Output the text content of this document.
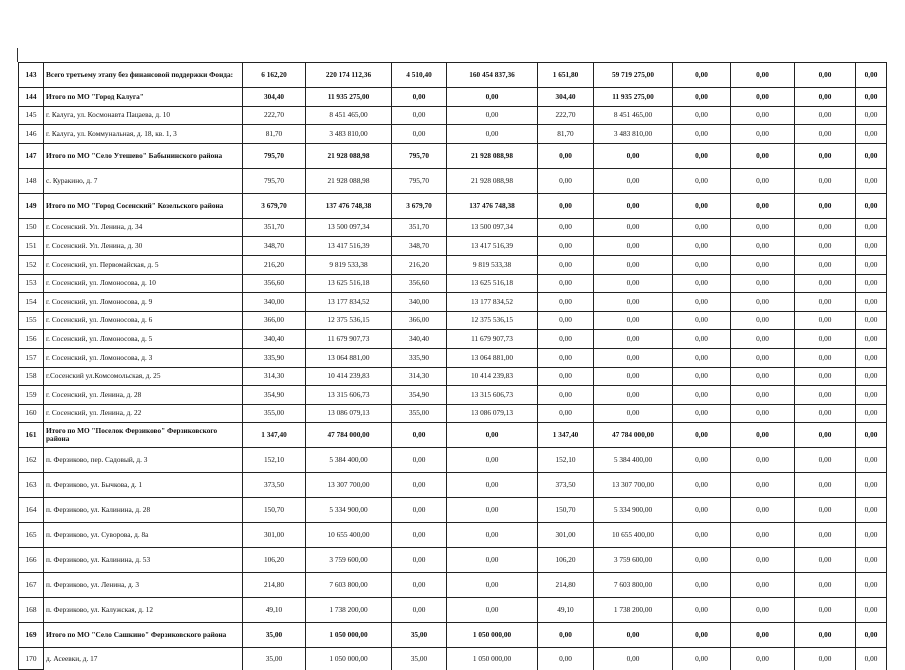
143	Всего третьему этапу без финансовой поддержки Фонда:	6 162,20	220 174 112,36	4 510,40	160 454 837,36	1 651,80	59 719 275,00	0,00	0,00	0,00	0,00
144	Итого по МО "Город Калуга"	304,40	11 935 275,00	0,00	0,00	304,40	11 935 275,00	0,00	0,00	0,00	0,00
145	г. Калуга, ул. Космонавта Пацаева, д. 10	222,70	8 451 465,00	0,00	0,00	222,70	8 451 465,00	0,00	0,00	0,00	0,00
146	г. Калуга, ул. Коммунальная, д. 18, кв. 1, 3	81,70	3 483 810,00	0,00	0,00	81,70	3 483 810,00	0,00	0,00	0,00	0,00
147	Итого по МО "Село Утешево" Бабынинского района	795,70	21 928 088,98	795,70	21 928 088,98	0,00	0,00	0,00	0,00	0,00	0,00
148	с. Куракино, д. 7	795,70	21 928 088,98	795,70	21 928 088,98	0,00	0,00	0,00	0,00	0,00	0,00
149	Итого по МО "Город Сосенский" Козельского района	3 679,70	137 476 748,38	3 679,70	137 476 748,38	0,00	0,00	0,00	0,00	0,00	0,00
150	г. Сосенский. Ул. Ленина, д. 34	351,70	13 500 097,34	351,70	13 500 097,34	0,00	0,00	0,00	0,00	0,00	0,00
151	г. Сосенский. Ул. Ленина, д. 30	348,70	13 417 516,39	348,70	13 417 516,39	0,00	0,00	0,00	0,00	0,00	0,00
152	г. Сосенский, ул. Первомайская, д. 5	216,20	9 819 533,38	216,20	9 819 533,38	0,00	0,00	0,00	0,00	0,00	0,00
153	г. Сосенский, ул. Ломоносова, д. 10	356,60	13 625 516,18	356,60	13 625 516,18	0,00	0,00	0,00	0,00	0,00	0,00
154	г. Сосенский, ул. Ломоносова, д. 9	340,00	13 177 834,52	340,00	13 177 834,52	0,00	0,00	0,00	0,00	0,00	0,00
155	г. Сосенский, ул. Ломоносова, д. 6	366,00	12 375 536,15	366,00	12 375 536,15	0,00	0,00	0,00	0,00	0,00	0,00
156	г. Сосенский, ул. Ломоносова, д. 5	340,40	11 679 907,73	340,40	11 679 907,73	0,00	0,00	0,00	0,00	0,00	0,00
157	г. Сосенский, ул. Ломоносова, д. 3	335,90	13 064 881,00	335,90	13 064 881,00	0,00	0,00	0,00	0,00	0,00	0,00
158	г.Сосенский ул.Комсомольская, д. 25	314,30	10 414 239,83	314,30	10 414 239,83	0,00	0,00	0,00	0,00	0,00	0,00
159	г. Сосенский, ул. Ленина, д. 28	354,90	13 315 606,73	354,90	13 315 606,73	0,00	0,00	0,00	0,00	0,00	0,00
160	г. Сосенский, ул. Ленина, д. 22	355,00	13 086 079,13	355,00	13 086 079,13	0,00	0,00	0,00	0,00	0,00	0,00
161	Итого по МО "Поселок Ферзиково" Ферзиковского района	1 347,40	47 784 000,00	0,00	0,00	1 347,40	47 784 000,00	0,00	0,00	0,00	0,00
162	п. Ферзиково, пер. Садовый, д. 3	152,10	5 384 400,00	0,00	0,00	152,10	5 384 400,00	0,00	0,00	0,00	0,00
163	п. Ферзиково, ул. Бычкова, д. 1	373,50	13 307 700,00	0,00	0,00	373,50	13 307 700,00	0,00	0,00	0,00	0,00
164	п. Ферзиково, ул. Калинина, д. 28	150,70	5 334 900,00	0,00	0,00	150,70	5 334 900,00	0,00	0,00	0,00	0,00
165	п. Ферзиково, ул. Суворова, д. 8а	301,00	10 655 400,00	0,00	0,00	301,00	10 655 400,00	0,00	0,00	0,00	0,00
166	п. Ферзиково, ул. Калинина, д. 53	106,20	3 759 600,00	0,00	0,00	106,20	3 759 600,00	0,00	0,00	0,00	0,00
167	п. Ферзиково, ул. Ленина, д. 3	214,80	7 603 800,00	0,00	0,00	214,80	7 603 800,00	0,00	0,00	0,00	0,00
168	п. Ферзиково, ул. Калужская, д. 12	49,10	1 738 200,00	0,00	0,00	49,10	1 738 200,00	0,00	0,00	0,00	0,00
169	Итого по МО "Село Сашкино" Ферзиковского района	35,00	1 050 000,00	35,00	1 050 000,00	0,00	0,00	0,00	0,00	0,00	0,00
170	д. Асеевки, д. 17	35,00	1 050 000,00	35,00	1 050 000,00	0,00	0,00	0,00	0,00	0,00	0,00
